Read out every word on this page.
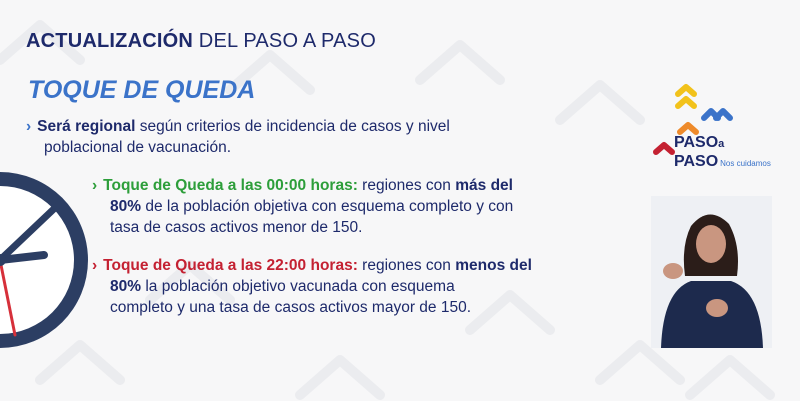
ACTUALIZACIÓN DEL PASO A PASO
TOQUE DE QUEDA
› Será regional según criterios de incidencia de casos y nivel
poblacional de vacunación.
› Toque de Queda a las 00:00 horas: regiones con más del
80% de la población objetiva con esquema completo y con
tasa de casos activos menor de 150.
› Toque de Queda a las 22:00 horas: regiones con menos del
80% la población objetivo vacunada con esquema
completo y una tasa de casos activos mayor de 150.
PASOa
PASO Nos cuidamos
